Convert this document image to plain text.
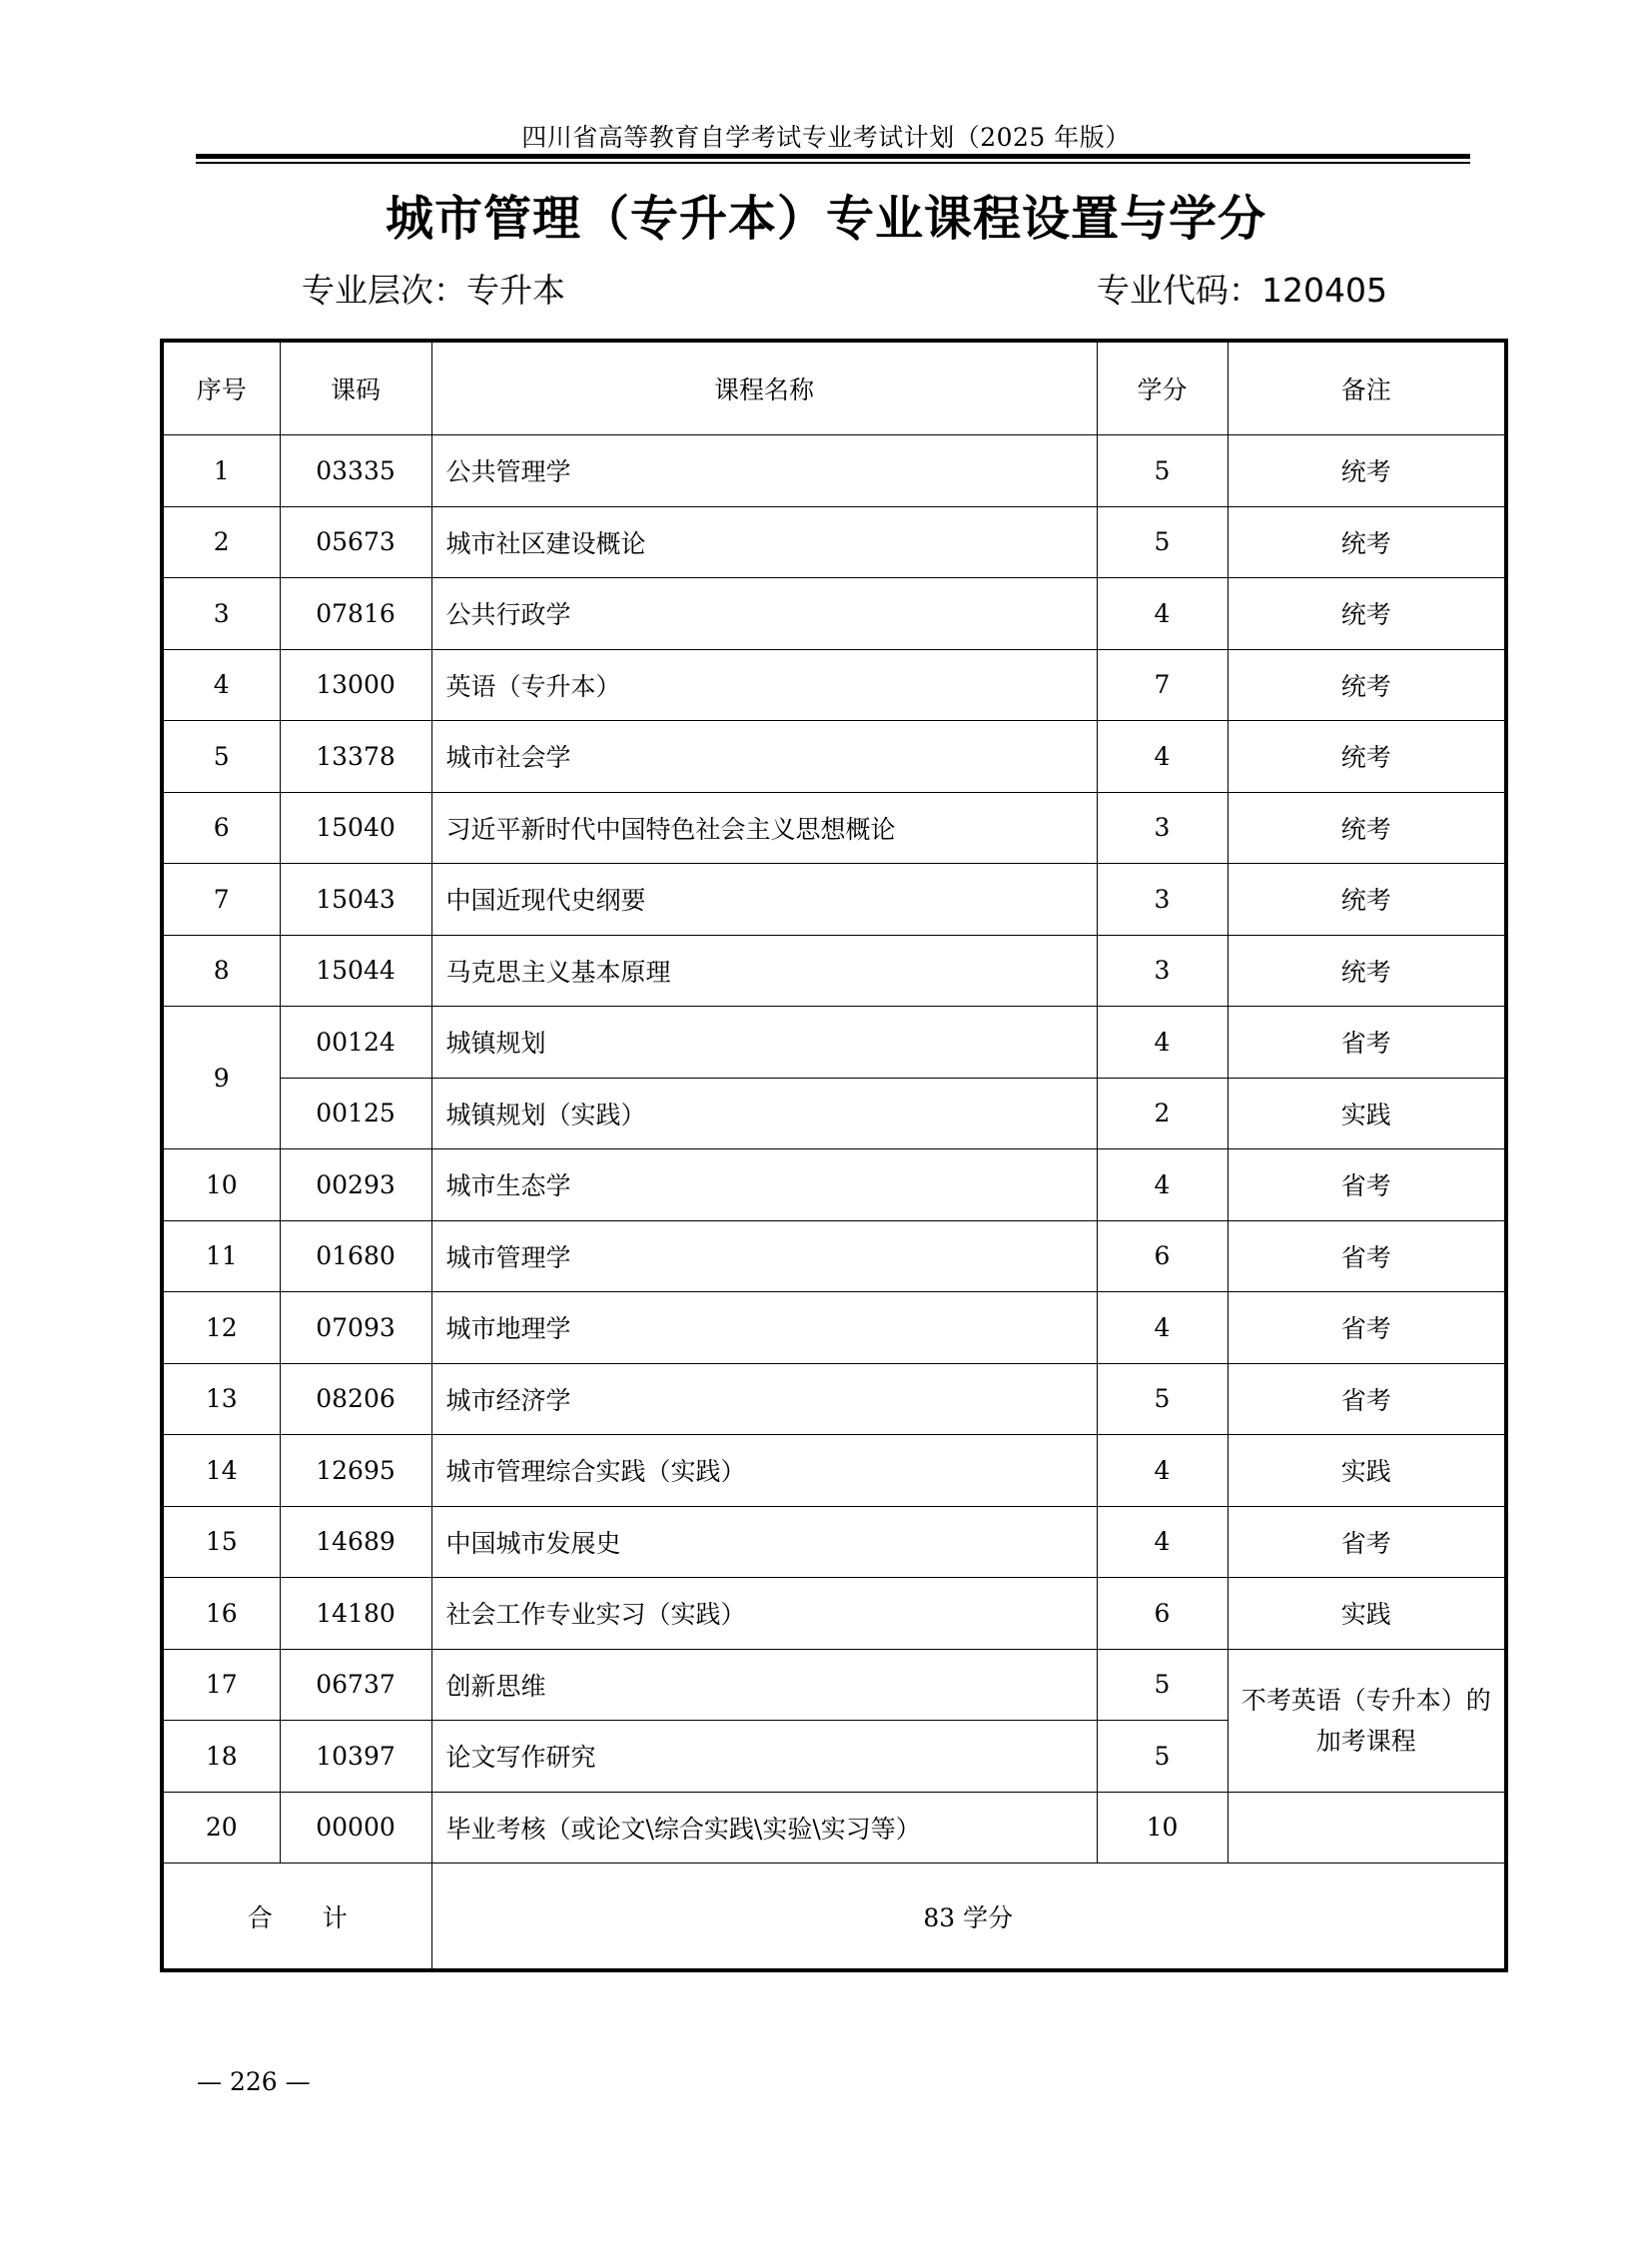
四川省高等教育自学考试专业考试计划（2025 年版）
城市管理（专升本）专业课程设置与学分
专业层次：专升本	专业代码：120405
序号	课码	课程名称	学分	备注
1	03335	公共管理学	5	统考
2	05673	城市社区建设概论	5	统考
3	07816	公共行政学	4	统考
4	13000	英语（专升本）	7	统考
5	13378	城市社会学	4	统考
6	15040	习近平新时代中国特色社会主义思想概论	3	统考
7	15043	中国近现代史纲要	3	统考
8	15044	马克思主义基本原理	3	统考
9	00124	城镇规划	4	省考
	00125	城镇规划（实践）	2	实践
10	00293	城市生态学	4	省考
11	01680	城市管理学	6	省考
12	07093	城市地理学	4	省考
13	08206	城市经济学	5	省考
14	12695	城市管理综合实践（实践）	4	实践
15	14689	中国城市发展史	4	省考
16	14180	社会工作专业实习（实践）	6	实践
17	06737	创新思维	5	不考英语（专升本）的
加考课程

18	10397	论文写作研究	5	
20	00000	毕业考核（或论文\综合实践\实验\实习等）	10	
合　　计		83 学分		
— 226 —
